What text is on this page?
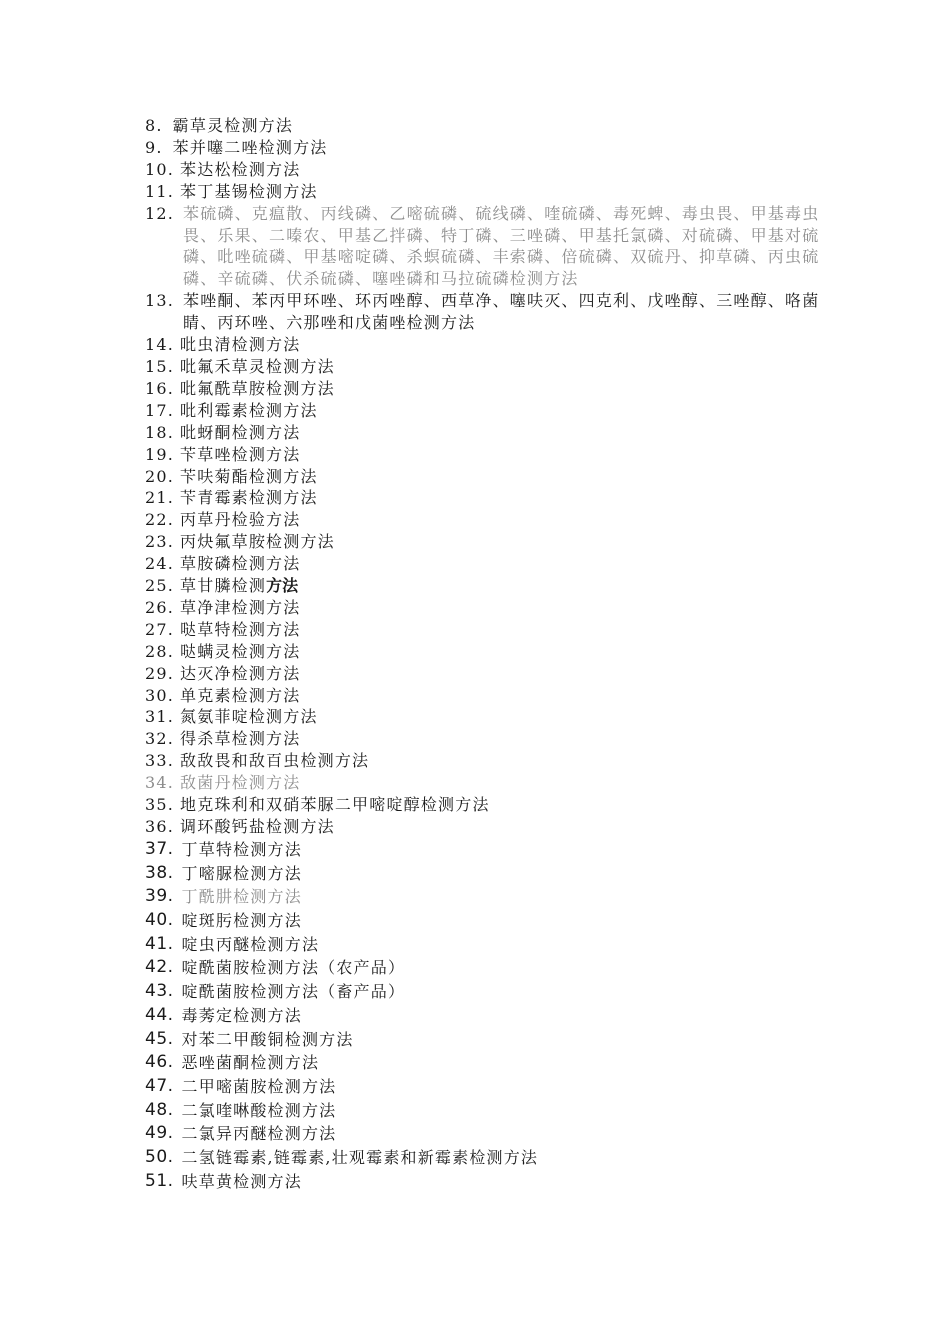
8. 霸草灵检测方法
9. 苯并噻二唑检测方法
10. 苯达松检测方法
11. 苯丁基锡检测方法
12. 苯硫磷、克瘟散、丙线磷、乙嘧硫磷、硫线磷、喹硫磷、毒死蜱、毒虫畏、甲基毒虫畏、乐果、二嗪农、甲基乙拌磷、特丁磷、三唑磷、甲基托氯磷、对硫磷、甲基对硫磷、吡唑硫磷、甲基嘧啶磷、杀螟硫磷、丰索磷、倍硫磷、双硫丹、抑草磷、丙虫硫磷、辛硫磷、伏杀硫磷、噻唑磷和马拉硫磷检测方法
13. 苯唑酮、苯丙甲环唑、环丙唑醇、西草净、噻呋灭、四克利、戊唑醇、三唑醇、咯菌睛、丙环唑、六那唑和戊菌唑检测方法
14. 吡虫清检测方法
15. 吡氟禾草灵检测方法
16. 吡氟酰草胺检测方法
17. 吡利霉素检测方法
18. 吡蚜酮检测方法
19. 苄草唑检测方法
20. 苄呋菊酯检测方法
21. 苄青霉素检测方法
22. 丙草丹检验方法
23. 丙炔氟草胺检测方法
24. 草胺磷检测方法
25. 草甘膦检测方法
26. 草净津检测方法
27. 哒草特检测方法
28. 哒螨灵检测方法
29. 达灭净检测方法
30. 单克素检测方法
31. 氮氨菲啶检测方法
32. 得杀草检测方法
33. 敌敌畏和敌百虫检测方法
34. 敌菌丹检测方法
35. 地克珠利和双硝苯脲二甲嘧啶醇检测方法
36. 调环酸钙盐检测方法
37. 丁草特检测方法
38. 丁嘧脲检测方法
39. 丁酰肼检测方法
40. 啶斑肟检测方法
41. 啶虫丙醚检测方法
42. 啶酰菌胺检测方法（农产品）
43. 啶酰菌胺检测方法（畜产品）
44. 毒莠定检测方法
45. 对苯二甲酸铜检测方法
46. 恶唑菌酮检测方法
47. 二甲嘧菌胺检测方法
48. 二氯喹啉酸检测方法
49. 二氯异丙醚检测方法
50. 二氢链霉素,链霉素,壮观霉素和新霉素检测方法
51. 呋草黄检测方法
